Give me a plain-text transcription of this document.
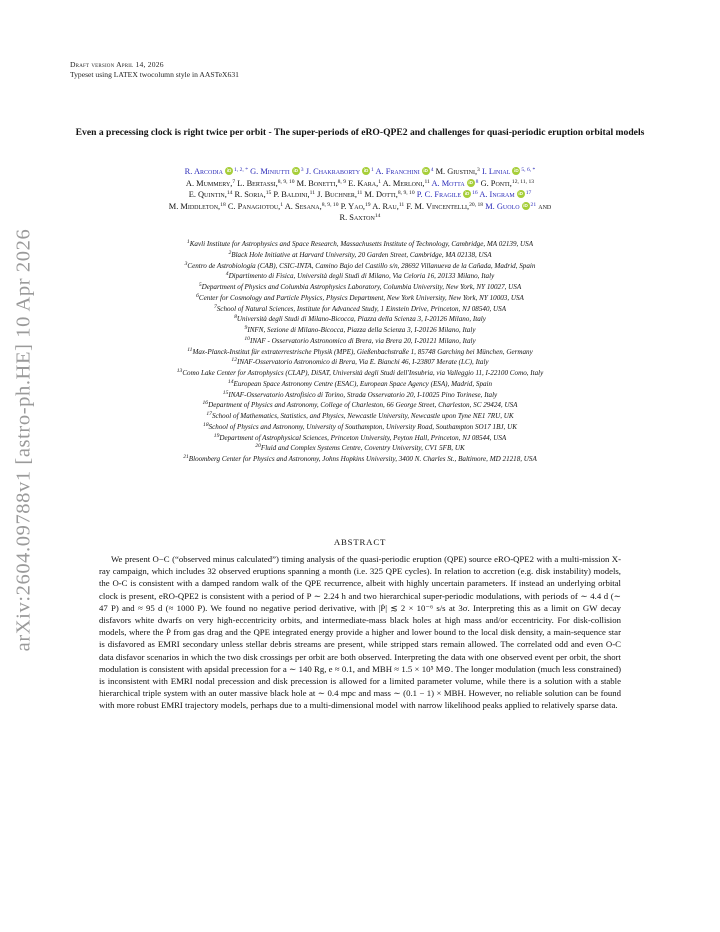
arXiv:2604.09788v1 [astro-ph.HE] 10 Apr 2026
Draft version April 14, 2026
Typeset using LATEX twocolumn style in AASTeX631
Even a precessing clock is right twice per orbit - The super-periods of eRO-QPE2 and challenges for quasi-periodic eruption orbital models
R. Arcodia iD $^{1, 2, *}$ G. Miniutti iD $^3$ J. Chakraborty iD $^1$ A. Franchini iD $^4$ M. Giustini,$^3$ I. Linial iD $^{5, 6, *}$
A. Mummery,$^7$ L. Bertassi,$^{8, 9, 10}$ M. Bonetti,$^{8, 9}$ E. Kara,$^1$ A. Merloni,$^{11}$ A. Motta iD $^8$ G. Ponti,$^{12, 11, 13}$
E. Quintin,$^{14}$ R. Soria,$^{15}$ P. Baldini,$^{11}$ J. Buchner,$^{11}$ M. Dotti,$^{8, 9, 10}$ P. C. Fragile iD $^{16}$ A. Ingram iD $^{17}$
M. Middleton,$^{18}$ C. Panagiotou,$^1$ A. Sesana,$^{8, 9, 10}$ P. Yao,$^{19}$ A. Rau,$^{11}$ F. M. Vincentelli,$^{20, 18}$ M. Guolo iD $^{21}$ and
R. Saxton$^{14}$
$^1$Kavli Institute for Astrophysics and Space Research, Massachusetts Institute of Technology, Cambridge, MA 02139, USA
$^2$Black Hole Initiative at Harvard University, 20 Garden Street, Cambridge, MA 02138, USA
$^3$Centro de Astrobiología (CAB), CSIC-INTA, Camino Bajo del Castillo s/n, 28692 Villanueva de la Cañada, Madrid, Spain
$^4$Dipartimento di Fisica, Università degli Studi di Milano, Via Celoria 16, 20133 Milano, Italy
$^5$Department of Physics and Columbia Astrophysics Laboratory, Columbia University, New York, NY 10027, USA
$^6$Center for Cosmology and Particle Physics, Physics Department, New York University, New York, NY 10003, USA
$^7$School of Natural Sciences, Institute for Advanced Study, 1 Einstein Drive, Princeton, NJ 08540, USA
$^8$Università degli Studi di Milano-Bicocca, Piazza della Scienza 3, I-20126 Milano, Italy
$^9$INFN, Sezione di Milano-Bicocca, Piazza della Scienza 3, I-20126 Milano, Italy
$^{10}$INAF - Osservatorio Astronomico di Brera, via Brera 20, I-20121 Milano, Italy
$^{11}$Max-Planck-Institut für extraterrestrische Physik (MPE), Gießenbachstraße 1, 85748 Garching bei München, Germany
$^{12}$INAF-Osservatorio Astronomico di Brera, Via E. Bianchi 46, I-23807 Merate (LC), Italy
$^{13}$Como Lake Center for Astrophysics (CLAP), DiSAT, Università degli Studi dell'Insubria, via Valleggio 11, I-22100 Como, Italy
$^{14}$European Space Astronomy Centre (ESAC), European Space Agency (ESA), Madrid, Spain
$^{15}$INAF-Osservatorio Astrofisico di Torino, Strada Osservatorio 20, I-10025 Pino Torinese, Italy
$^{16}$Department of Physics and Astronomy, College of Charleston, 66 George Street, Charleston, SC 29424, USA
$^{17}$School of Mathematics, Statistics, and Physics, Newcastle University, Newcastle upon Tyne NE1 7RU, UK
$^{18}$School of Physics and Astronomy, University of Southampton, University Road, Southampton SO17 1BJ, UK
$^{19}$Department of Astrophysical Sciences, Princeton University, Peyton Hall, Princeton, NJ 08544, USA
$^{20}$Fluid and Complex Systems Centre, Coventry University, CV1 5FB, UK
$^{21}$Bloomberg Center for Physics and Astronomy, Johns Hopkins University, 3400 N. Charles St., Baltimore, MD 21218, USA
ABSTRACT
We present O−C (“observed minus calculated”) timing analysis of the quasi-periodic eruption (QPE) source eRO-QPE2 with a multi-mission X-ray campaign, which includes 32 observed eruptions spanning a month (i.e. 325 QPE cycles). In relation to accretion (e.g. disk instability) models, the O-C is consistent with a damped random walk of the QPE recurrence, albeit with highly uncertain parameters. If instead an underlying orbital clock is present, eRO-QPE2 is consistent with a period of P ∼ 2.24 h and two hierarchical super-periodic modulations, with periods of ∼ 4.4 d (∼ 47 P) and ≈ 95 d (≈ 1000 P). We found no negative period derivative, with |Ṗ| ≲ 2 × 10⁻⁶ s/s at 3σ. Interpreting this as a limit on GW decay disfavors white dwarfs on very high-eccentricity orbits, and intermediate-mass black holes at high mass and/or eccentricity. For disk-collision models, where the Ṗ from gas drag and the QPE integrated energy provide a higher and lower bound to the local disk density, a main-sequence star is disfavored as EMRI secondary unless stellar debris streams are present, while stripped stars remain allowed. The correlated odd and even O-C data disfavor scenarios in which the two disk crossings per orbit are both observed. Interpreting the data with one observed event per orbit, the short modulation is consistent with apsidal precession for a ∼ 140 Rg, e ≈ 0.1, and MBH ≈ 1.5 × 10⁵ M⊙. The longer modulation (much less constrained) is inconsistent with EMRI nodal precession and disk precession is allowed for a limited parameter volume, while there is a solution with a stable hierarchical triple system with an outer massive black hole at ∼ 0.4 mpc and mass ∼ (0.1 − 1) × MBH. However, no reliable solution can be found with more robust EMRI trajectory models, perhaps due to a multi-dimensional model with narrow likelihood peaks applied to relatively sparse data.
